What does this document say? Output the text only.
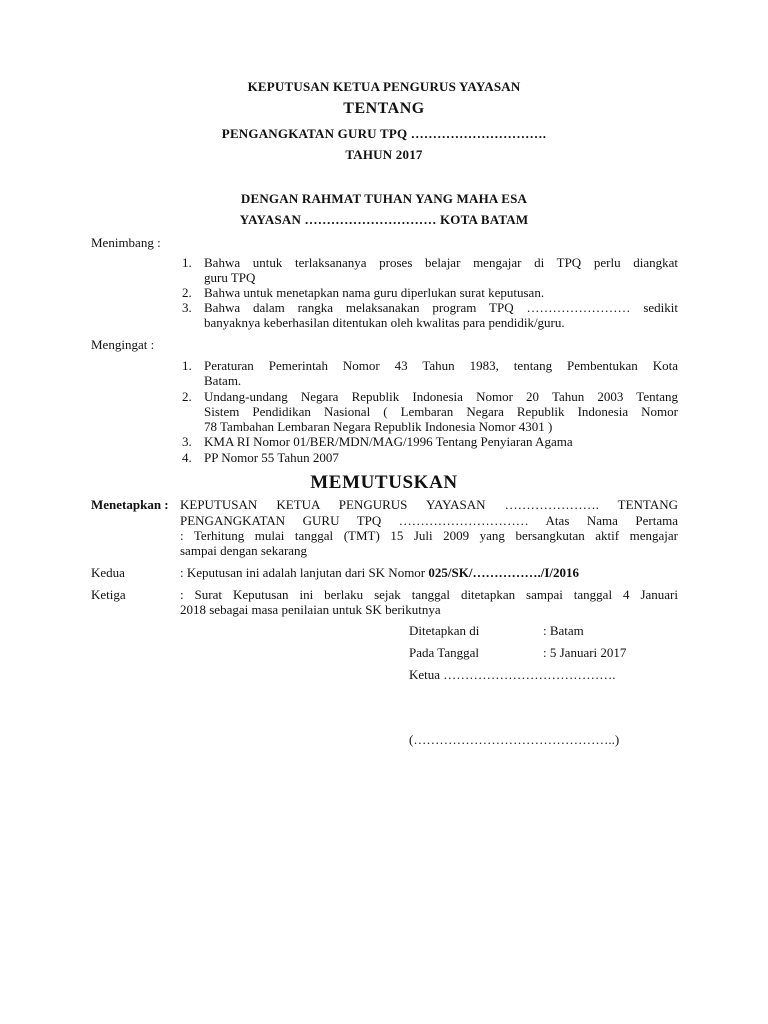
KEPUTUSAN KETUA PENGURUS YAYASAN
TENTANG
PENGANGKATAN GURU TPQ ………………………….
TAHUN 2017
DENGAN RAHMAT TUHAN YANG MAHA ESA
YAYASAN ………………………… KOTA BATAM
Menimbang :
1. Bahwa untuk terlaksananya proses belajar mengajar di TPQ perlu diangkat
guru TPQ
2. Bahwa untuk menetapkan nama guru diperlukan surat keputusan.
3. Bahwa dalam rangka melaksanakan program TPQ …………………… sedikit
banyaknya keberhasilan ditentukan oleh kwalitas para pendidik/guru.
Mengingat :
1. Peraturan Pemerintah Nomor 43 Tahun 1983, tentang Pembentukan Kota
Batam.
2. Undang-undang Negara Republik Indonesia Nomor 20 Tahun 2003 Tentang
Sistem Pendidikan Nasional ( Lembaran Negara Republik Indonesia Nomor
78 Tambahan Lembaran Negara Republik Indonesia Nomor 4301 )
3. KMA RI Nomor 01/BER/MDN/MAG/1996 Tentang Penyiaran Agama
4. PP Nomor 55 Tahun 2007
MEMUTUSKAN
Menetapkan : KEPUTUSAN KETUA PENGURUS YAYASAN …………………. TENTANG
PENGANGKATAN GURU TPQ ………………………… Atas Nama Pertama
: Terhitung mulai tanggal (TMT) 15 Juli 2009 yang bersangkutan aktif mengajar
sampai dengan sekarang
Kedua	: Keputusan ini adalah lanjutan dari SK Nomor 025/SK/……………./I/2016
Ketiga	: Surat Keputusan ini berlaku sejak tanggal ditetapkan sampai tanggal 4 Januari
2018 sebagai masa penilaian untuk SK berikutnya
Ditetapkan di	: Batam
Pada Tanggal	: 5 Januari 2017
Ketua ………………………………….
(………………………………………..)
